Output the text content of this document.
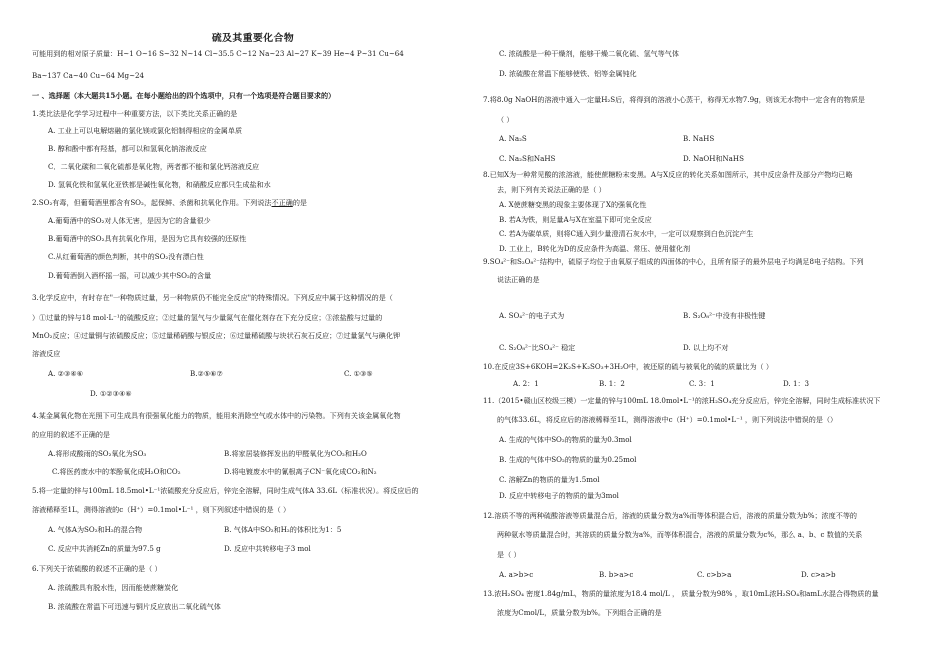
硫及其重要化合物
可能用到的相对原子质量：H~1 O~16 S~32 N~14 Cl~35.5 C~12 Na~23 Al~27 K~39 He~4 P~31 Cu~64
Ba~137 Ca~40 Cu~64 Mg~24
一 、选择题（本大题共15小题。在每小题给出的四个选项中，只有一个选项是符合题目要求的）
1.类比法是化学学习过程中一种重要方法，以下类比关系正确的是
A. 工业上可以电解熔融的氯化镁或氯化铝制得相应的金属单质
B. 醇和酚中都有羟基，都可以和氢氧化钠溶液反应
C．二氧化碳和二氧化硫都是氧化物，两者都不能和氯化钙溶液反应
D. 氢氧化铁和氢氧化亚铁都是碱性氧化物，和硝酸反应都只生成盐和水
2.SO₂有毒，但葡萄酒里都含有SO₂，起保鲜、杀菌和抗氧化作用。下列说法不正确的是
A.葡萄酒中的SO₂对人体无害，是因为它的含量很少
B.葡萄酒中的SO₂具有抗氧化作用，是因为它具有较强的还原性
C.从红葡萄酒的颜色判断，其中的SO₂没有漂白性
D.葡萄酒倒入酒杯摇一摇，可以减少其中SO₂的含量
3.化学反应中，有时存在"一种物质过量，另一种物质仍不能完全反应"的特殊情况。下列反应中属于这种情况的是（
）①过量的锌与18 mol·L⁻¹的硫酸反应；②过量的氢气与少量氮气在催化剂存在下充分反应；③浓盐酸与过量的
MnO₂反应；④过量铜与浓硫酸反应；⑤过量稀硝酸与银反应；⑥过量稀硫酸与块状石灰石反应；⑦过量氯气与碘化钾
溶液反应
A. ②③④⑥	B.②⑤⑥⑦	C. ①③⑤
D. ①②③④⑥
4.某金属氧化物在光照下可生成具有很强氧化能力的物质，能用来消除空气或水体中的污染物。下列有关该金属氧化物
的应用的叙述不正确的是
A.将形成酸雨的SO₂氧化为SO₃	B.将家居装修挥发出的甲醛氧化为CO₂和H₂O
C.将医药废水中的苯酚氧化成H₂O和CO₂	D.将电镀废水中的氰根离子CN⁻氧化成CO₂和N₂
5.将一定量的锌与100mL 18.5mol•L⁻¹浓硫酸充分反应后，锌完全溶解，同时生成气体A 33.6L（标准状况）。将反应后的
溶液稀释至1L，测得溶液的c（H⁺）=0.1mol•L⁻¹ ，则下列叙述中错误的是（ ）
A. 气体A为SO₂和H₂的混合物	B. 气体A中SO₂和H₂的体积比为1：5
C. 反应中共消耗Zn的质量为97.5 g	D. 反应中共转移电子3 mol
6.下列关于浓硫酸的叙述不正确的是（ ）
A. 浓硫酸具有脱水性，因而能使蔗糖炭化
B. 浓硫酸在常温下可迅速与铜片反应放出二氧化硫气体
C. 浓硫酸是一种干燥剂，能够干燥二氧化硫、氢气等气体
D. 浓硫酸在常温下能够使铁、铝等金属钝化
7.将8.0g NaOH的溶液中通入一定量H₂S后，将得到的溶液小心蒸干，称得无水物7.9g，则该无水物中一定含有的物质是
（ ）
A. Na₂S	B. NaHS
C. Na₂S和NaHS	D. NaOH和NaHS
8.已知X为一种常见酸的浓溶液，能使蔗糖粉末变黑。A与X反应的转化关系如图所示，其中反应条件及部分产物均已略
去，则下列有关说法正确的是（ ）
A. X使蔗糖变黑的现象主要体现了X的强氧化性
B. 若A为铁，则足量A与X在室温下即可完全反应
C. 若A为碳单质，则将C通入到少量澄清石灰水中，一定可以观察到白色沉淀产生
D. 工业上，B转化为D的反应条件为高温、常压、使用催化剂
9.SO₄²⁻和S₂O₈²⁻结构中，硫原子均位于由氧原子组成的四面体的中心，且所有原子的最外层电子均满足8电子结构。下列
说法正确的是
A. SO₄²⁻的电子式为	B. S₂O₈²⁻中没有非极性键
C. S₂O₈²⁻比SO₄²⁻ 稳定	D. 以上均不对
10.在反应3S+6KOH=2K₂S+K₂SO₃+3H₂O中，被还原的硫与被氧化的硫的质量比为（ ）
A. 2：1	B. 1：2	C. 3：1	D. 1：3
11.（2015•赣山区校级三模）一定量的锌与100mL 18.0mol•L⁻¹的浓H₂SO₄充分反应后，锌完全溶解，同时生成标准状况下
的气体33.6L，将反应后的溶液稀释至1L，测得溶液中c（H⁺）=0.1mol•L⁻¹ ，则下列说法中错误的是（）
A. 生成的气体中SO₂的物质的量为0.3mol
B. 生成的气体中SO₂的物质的量为0.25mol
C. 溶解Zn的物质的量为1.5mol
D. 反应中转移电子的物质的量为3mol
12.溶质不等的两种硫酸溶液等质量混合后，溶液的质量分数为a%而等体积混合后，溶液的质量分数为b%；浓度不等的
两种氨水等质量混合时，其溶质的质量分数为a%，而等体积混合，溶液的质量分数为c%，那么 a、b、c 数值的关系
是（ ）
A. a>b>c	B. b>a>c	C. c>b>a	D. c>a>b
13.浓H₂SO₄ 密度1.84g/mL，物质的量浓度为18.4 mol/L ， 质量分数为98% ，取10mL浓H₂SO₄和amL水混合得物质的量
浓度为Cmol/L，质量分数为b%。下列组合正确的是
